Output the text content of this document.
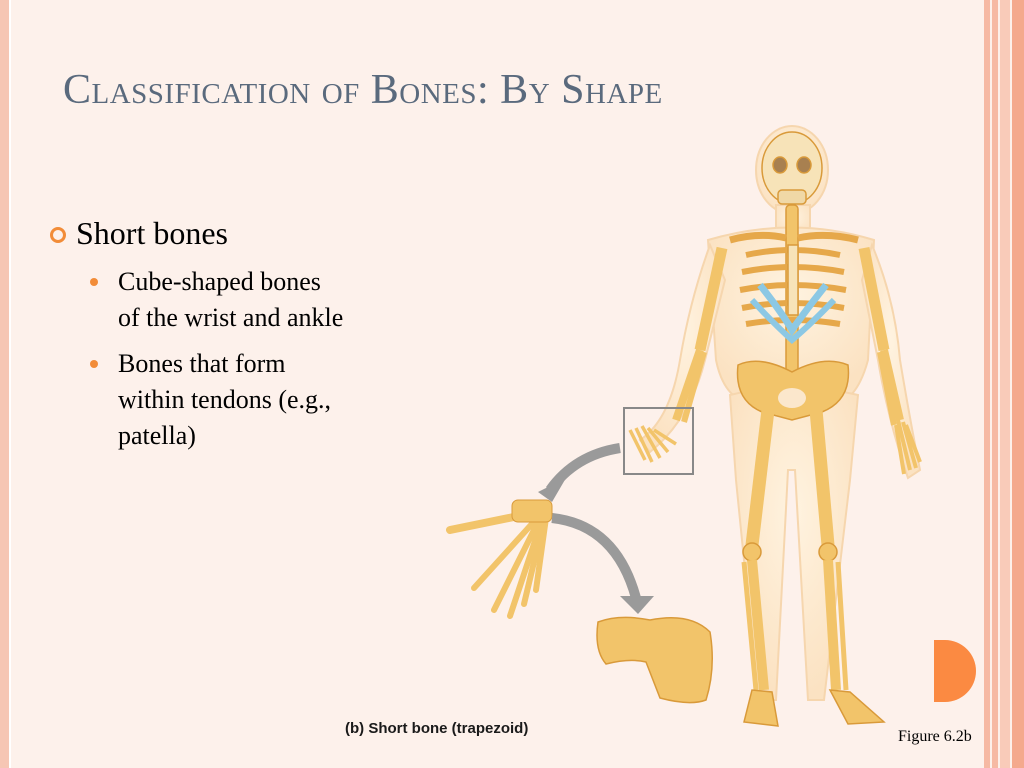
Classification of Bones: By Shape
Short bones
Cube-shaped bones of the wrist and ankle
Bones that form within tendons (e.g., patella)
(b) Short bone (trapezoid)	Figure 6.2b
